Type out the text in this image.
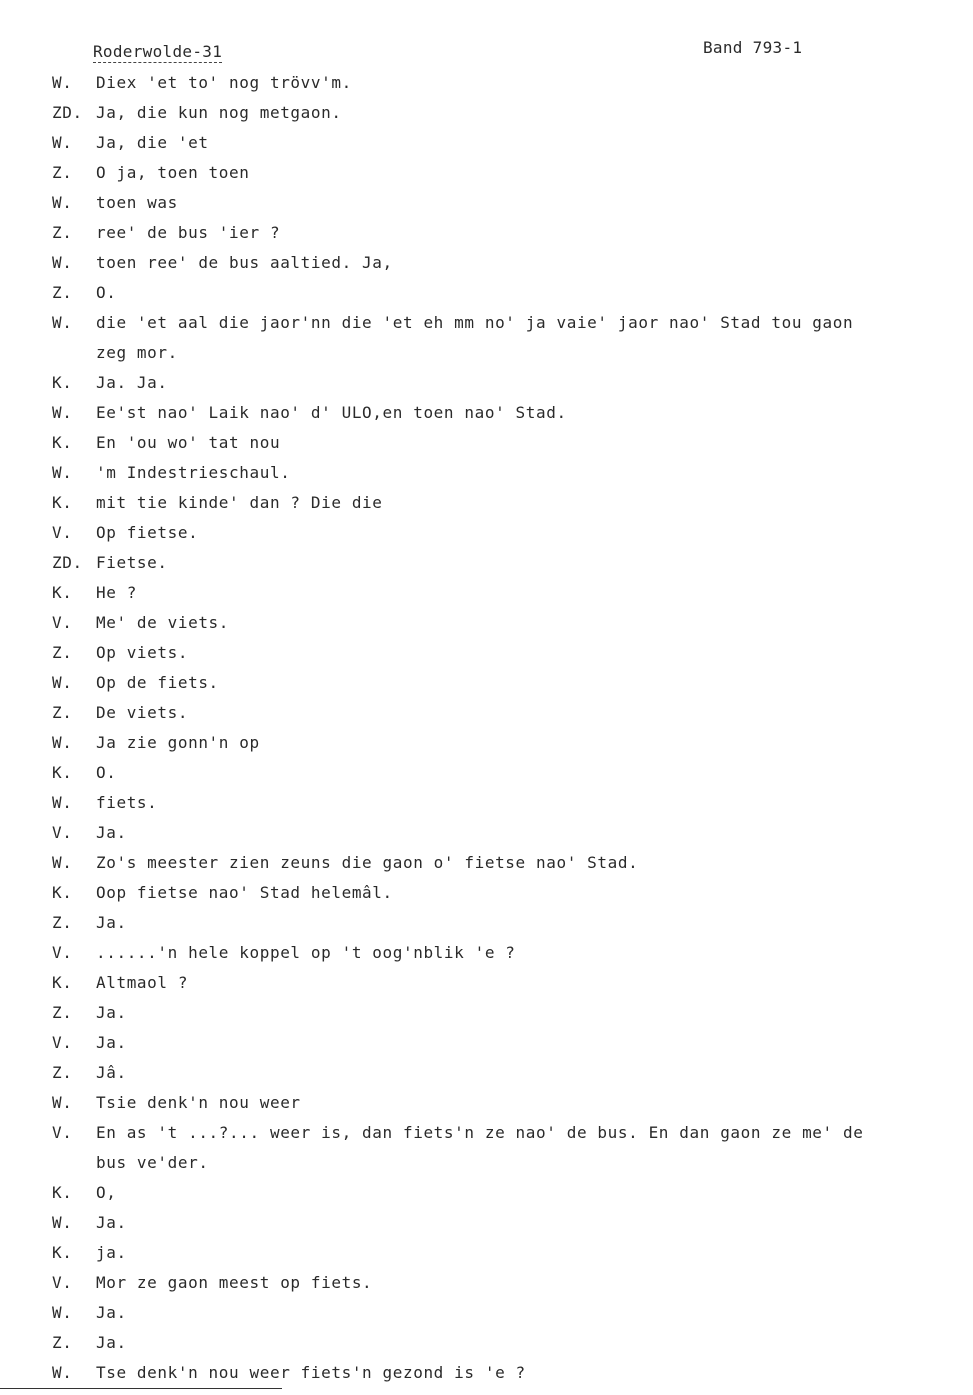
Roderwolde-31	Band 793-1
W. Diex 'et to' nog trövv'm.
ZD. Ja, die kun nog metgaon.
W. Ja, die 'et
Z. O ja, toen toen
W. toen was
Z. ree' de bus 'ier ?
W. toen ree' de bus aaltied. Ja,
Z. O.
W. die 'et aal die jaor'nn die 'et eh mm no' ja vaie' jaor nao' Stad tou gaon
zeg mor.
K. Ja. Ja.
W. Ee'st nao' Laik nao' d' ULO,en toen nao' Stad.
K. En 'ou wo' tat nou
W. 'm Indestrieschaul.
K. mit tie kinde' dan ? Die die
V. Op fietse.
ZD. Fietse.
K. He ?
V. Me' de viets.
Z. Op viets.
W. Op de fiets.
Z. De viets.
W. Ja zie gonn'n op
K. O.
W. fiets.
V. Ja.
W. Zo's meester zien zeuns die gaon o' fietse nao' Stad.
K. Oop fietse nao' Stad helemâl.
Z. Ja.
V. ......'n hele koppel op 't oog'nblik 'e ?
K. Altmaol ?
Z. Ja.
V. Ja.
Z. Jâ.
W. Tsie denk'n nou weer
V. En as 't ...?... weer is, dan fiets'n ze nao' de bus. En dan gaon ze me' de
bus ve'der.
K. O,
W. Ja.
K. ja.
V. Mor ze gaon meest op fiets.
W. Ja.
Z. Ja.
W. Tse denk'n nou weer fiets'n gezond is 'e ?
